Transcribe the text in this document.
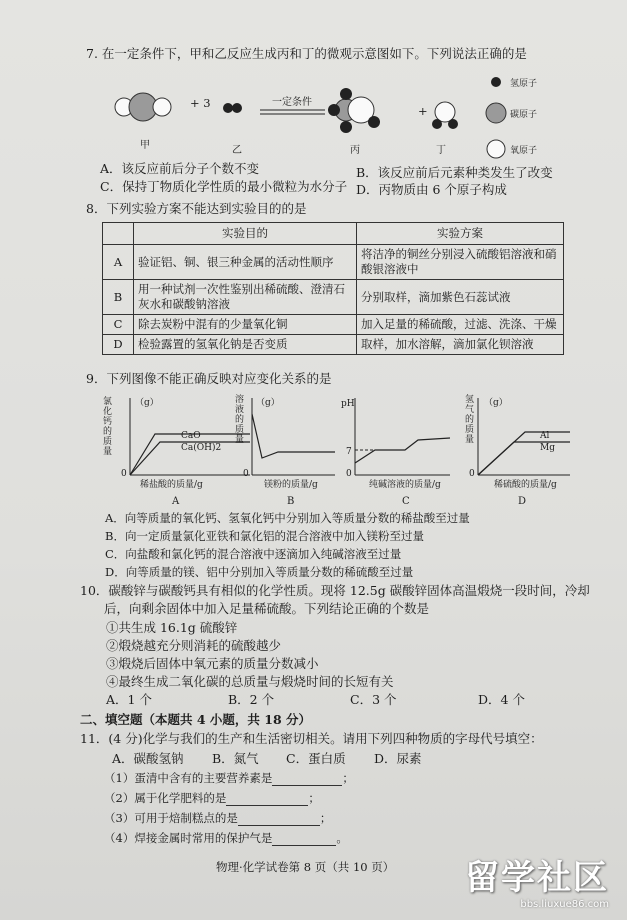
7. 在一定条件下，甲和乙反应生成丙和丁的微观示意图如下。下列说法正确的是
+ 3
+
一定条件
甲	乙	丙	丁
氢原子
碳原子
氧原子
A．该反应前后分子个数不变	B．该反应前后元素种类发生了改变
C．保持丁物质化学性质的最小微粒为水分子 D．丙物质由 6 个原子构成
8．下列实验方案不能达到实验目的的是
	实验目的	实验方案
A	验证铝、铜、银三种金属的活动性顺序	将洁净的铜丝分别浸入硫酸铝溶液和硝酸银溶液中
B	用一种试剂一次性鉴别出稀硫酸、澄清石灰水和碳酸钠溶液	分别取样，滴加紫色石蕊试液
C	除去炭粉中混有的少量氧化铜	加入足量的稀硫酸，过滤、洗涤、干燥
D	检验露置的氢氧化钠是否变质	取样，加水溶解，滴加氯化钡溶液
9．下列图像不能正确反映对应变化关系的是
氯化钙的质量
（g）
0
CaO
Ca(OH)2
稀盐酸的质量/g
A
溶液的质量
（g）
0
镁粉的质量/g
B
pH
7
0
纯碱溶液的质量/g
C
氢气的质量
（g）
0
Al
Mg
稀硫酸的质量/g
D
A．向等质量的氧化钙、氢氧化钙中分别加入等质量分数的稀盐酸至过量
B．向一定质量氯化亚铁和氯化铝的混合溶液中加入镁粉至过量
C．向盐酸和氯化钙的混合溶液中逐滴加入纯碱溶液至过量
D．向等质量的镁、铝中分别加入等质量分数的稀硫酸至过量
10．碳酸锌与碳酸钙具有相似的化学性质。现将 12.5g 碳酸锌固体高温煅烧一段时间，冷却
后，向剩余固体中加入足量稀硫酸。下列结论正确的个数是
①共生成 16.1g 硫酸锌
②煅烧越充分则消耗的硫酸越少
③煅烧后固体中氧元素的质量分数减小
④最终生成二氧化碳的总质量与煅烧时间的长短有关
A．1 个	B．2 个	C．3 个	D．4 个
二、填空题（本题共 4 小题，共 18 分）
11．(4 分)化学与我们的生产和生活密切相关。请用下列四种物质的字母代号填空：
A．碳酸氢钠 B．氮气 C．蛋白质 D．尿素
（1）蛋清中含有的主要营养素是	；
（2）属于化学肥料的是	；
（3）可用于焙制糕点的是	；
（4）焊接金属时常用的保护气是	。
物理·化学试卷第 8 页（共 10 页） 留学社区
bbs.liuxue86.com
